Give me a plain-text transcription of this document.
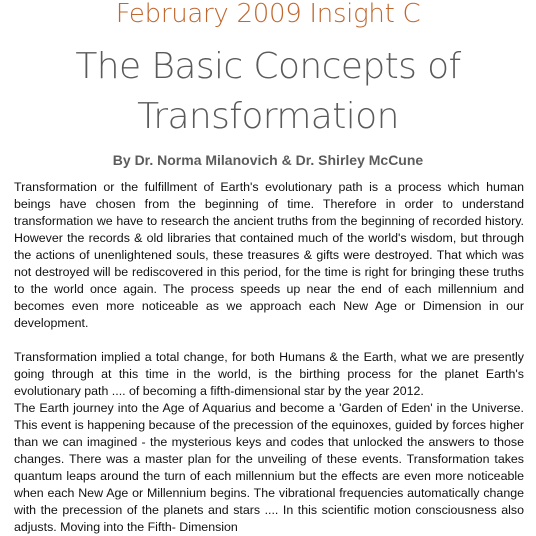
February 2009 Insight C
The Basic Concepts of Transformation
By Dr. Norma Milanovich & Dr. Shirley McCune

Transformation or the fulfillment of Earth's evolutionary path is a process which human beings have chosen from the beginning of time. Therefore in order to understand transformation we have to research the ancient truths from the beginning of recorded history. However the records & old libraries that contained much of the world's wisdom, but through the actions of unenlightened souls, these treasures & gifts were destroyed. That which was not destroyed will be rediscovered in this period, for the time is right for bringing these truths to the world once again. The process speeds up near the end of each millennium and becomes even more noticeable as we approach each New Age or Dimension in our development.

Transformation implied a total change, for both Humans & the Earth, what we are presently going through at this time in the world, is the birthing process for the planet Earth's evolutionary path .... of becoming a fifth-dimensional star by the year 2012.

The Earth journey into the Age of Aquarius and become a 'Garden of Eden' in the Universe. This event is happening because of the precession of the equinoxes, guided by forces higher than we can imagined - the mysterious keys and codes that unlocked the answers to those changes. There was a master plan for the unveiling of these events. Transformation takes quantum leaps around the turn of each millennium but the effects are even more noticeable when each New Age or Millennium begins. The vibrational frequencies automatically change with the precession of the planets and stars .... In this scientific motion consciousness also adjusts. Moving into the Fifth- Dimension
